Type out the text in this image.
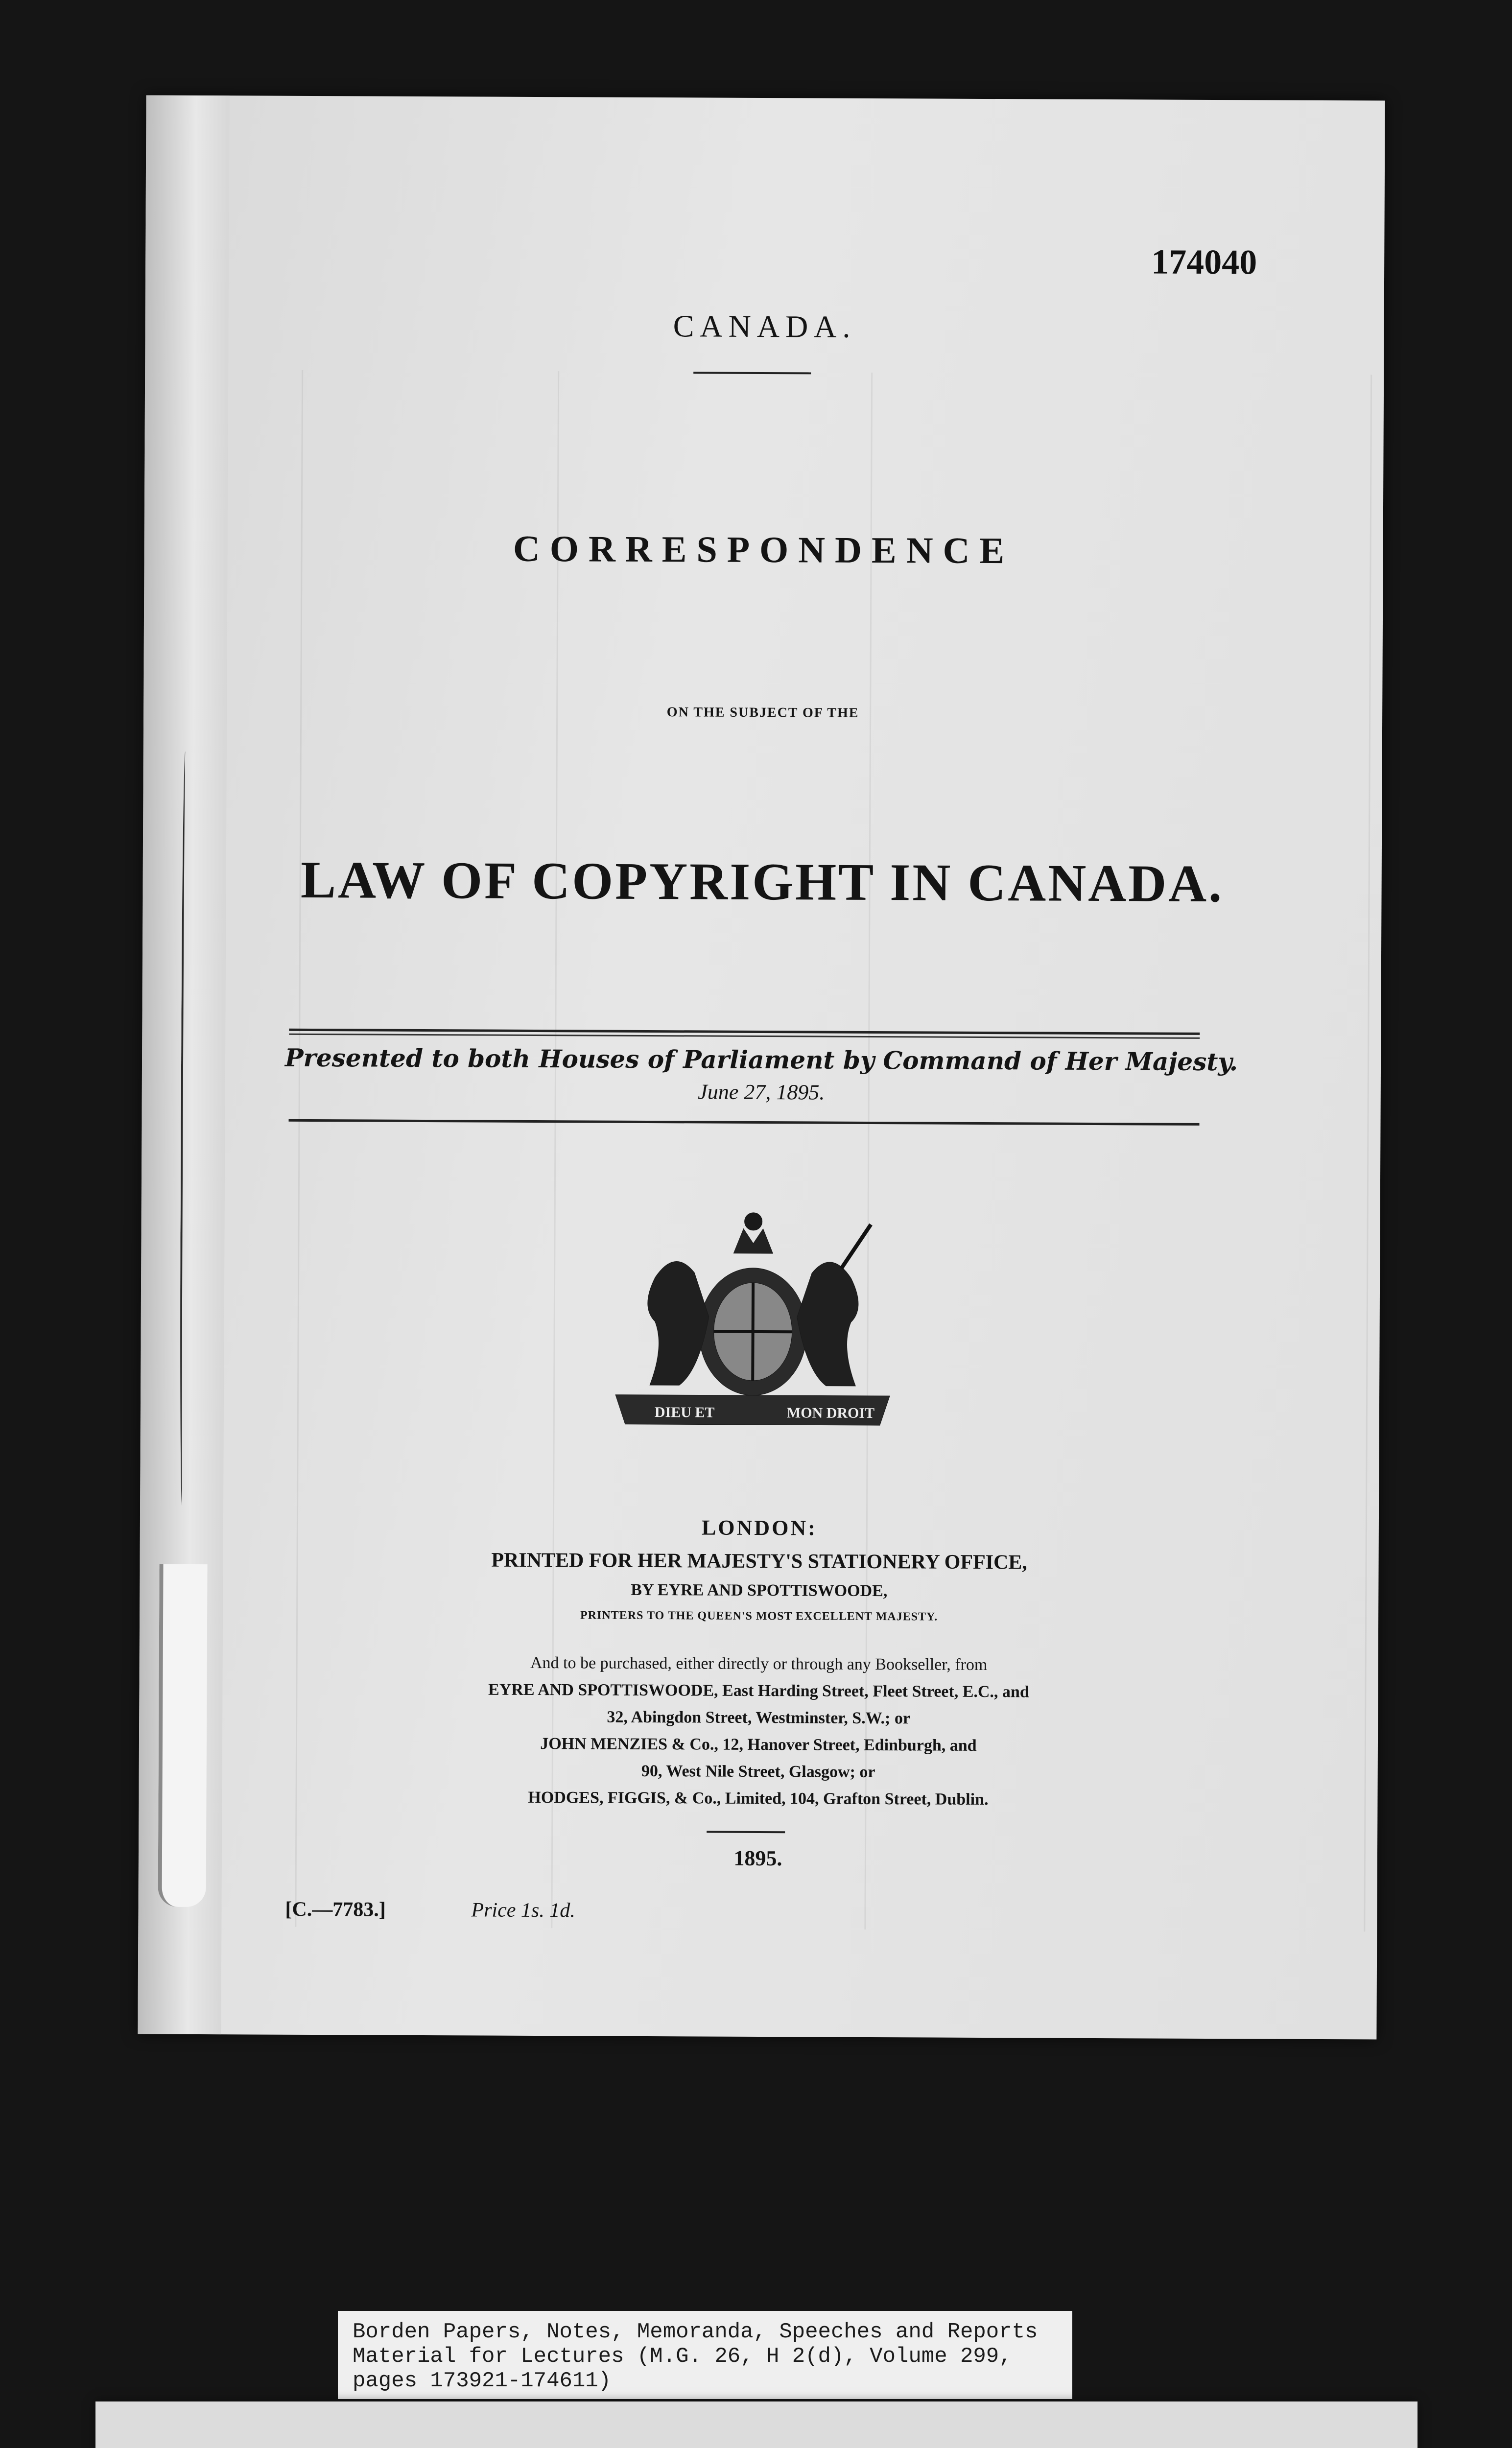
174040
CANADA.
CORRESPONDENCE
ON THE SUBJECT OF THE
LAW OF COPYRIGHT IN CANADA.
Presented to both Houses of Parliament by Command of Her Majesty.
June 27, 1895.
DIEU ET	MON DROIT
LONDON:
PRINTED FOR HER MAJESTY'S STATIONERY OFFICE,
BY EYRE AND SPOTTISWOODE,
PRINTERS TO THE QUEEN'S MOST EXCELLENT MAJESTY.
And to be purchased, either directly or through any Bookseller, from
EYRE AND SPOTTISWOODE, East Harding Street, Fleet Street, E.C., and
32, Abingdon Street, Westminster, S.W.; or
JOHN MENZIES & Co., 12, Hanover Street, Edinburgh, and
90, West Nile Street, Glasgow; or
HODGES, FIGGIS, & Co., Limited, 104, Grafton Street, Dublin.
1895.
[C.—7783.]	Price 1s. 1d.
Borden Papers, Notes, Memoranda, Speeches and Reports
Material for Lectures (M.G. 26, H 2(d), Volume 299,
pages 173921-174611)
